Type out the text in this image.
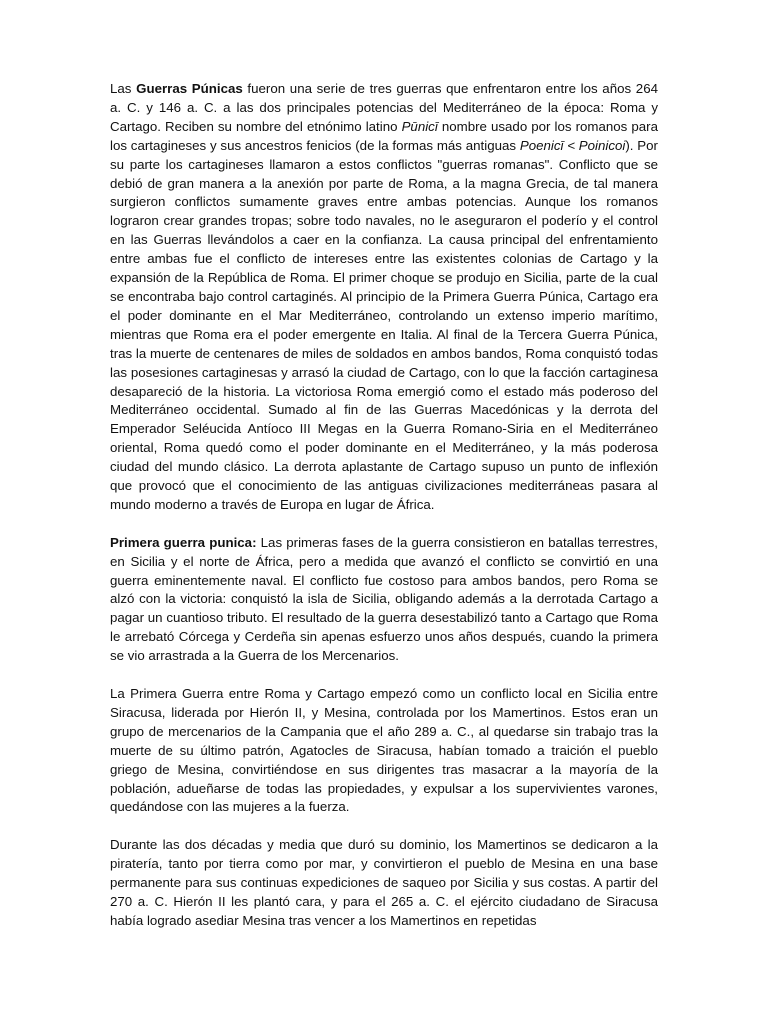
Las Guerras Púnicas fueron una serie de tres guerras que enfrentaron entre los años 264 a. C. y 146 a. C. a las dos principales potencias del Mediterráneo de la época: Roma y Cartago. Reciben su nombre del etnónimo latino Pūnicī nombre usado por los romanos para los cartagineses y sus ancestros fenicios (de la formas más antiguas Poenicī < Poinicoi). Por su parte los cartagineses llamaron a estos conflictos "guerras romanas". Conflicto que se debió de gran manera a la anexión por parte de Roma, a la magna Grecia, de tal manera surgieron conflictos sumamente graves entre ambas potencias. Aunque los romanos lograron crear grandes tropas; sobre todo navales, no le aseguraron el poderío y el control en las Guerras llevándolos a caer en la confianza. La causa principal del enfrentamiento entre ambas fue el conflicto de intereses entre las existentes colonias de Cartago y la expansión de la República de Roma. El primer choque se produjo en Sicilia, parte de la cual se encontraba bajo control cartaginés. Al principio de la Primera Guerra Púnica, Cartago era el poder dominante en el Mar Mediterráneo, controlando un extenso imperio marítimo, mientras que Roma era el poder emergente en Italia. Al final de la Tercera Guerra Púnica, tras la muerte de centenares de miles de soldados en ambos bandos, Roma conquistó todas las posesiones cartaginesas y arrasó la ciudad de Cartago, con lo que la facción cartaginesa desapareció de la historia. La victoriosa Roma emergió como el estado más poderoso del Mediterráneo occidental. Sumado al fin de las Guerras Macedónicas y la derrota del Emperador Seléucida Antíoco III Megas en la Guerra Romano-Siria en el Mediterráneo oriental, Roma quedó como el poder dominante en el Mediterráneo, y la más poderosa ciudad del mundo clásico. La derrota aplastante de Cartago supuso un punto de inflexión que provocó que el conocimiento de las antiguas civilizaciones mediterráneas pasara al mundo moderno a través de Europa en lugar de África.

Primera guerra punica: Las primeras fases de la guerra consistieron en batallas terrestres, en Sicilia y el norte de África, pero a medida que avanzó el conflicto se convirtió en una guerra eminentemente naval. El conflicto fue costoso para ambos bandos, pero Roma se alzó con la victoria: conquistó la isla de Sicilia, obligando además a la derrotada Cartago a pagar un cuantioso tributo. El resultado de la guerra desestabilizó tanto a Cartago que Roma le arrebató Córcega y Cerdeña sin apenas esfuerzo unos años después, cuando la primera se vio arrastrada a la Guerra de los Mercenarios.

La Primera Guerra entre Roma y Cartago empezó como un conflicto local en Sicilia entre Siracusa, liderada por Hierón II, y Mesina, controlada por los Mamertinos. Estos eran un grupo de mercenarios de la Campania que el año 289 a. C., al quedarse sin trabajo tras la muerte de su último patrón, Agatocles de Siracusa, habían tomado a traición el pueblo griego de Mesina, convirtiéndose en sus dirigentes tras masacrar a la mayoría de la población, adueñarse de todas las propiedades, y expulsar a los supervivientes varones, quedándose con las mujeres a la fuerza.

Durante las dos décadas y media que duró su dominio, los Mamertinos se dedicaron a la piratería, tanto por tierra como por mar, y convirtieron el pueblo de Mesina en una base permanente para sus continuas expediciones de saqueo por Sicilia y sus costas. A partir del 270 a. C. Hierón II les plantó cara, y para el 265 a. C. el ejército ciudadano de Siracusa había logrado asediar Mesina tras vencer a los Mamertinos en repetidas
